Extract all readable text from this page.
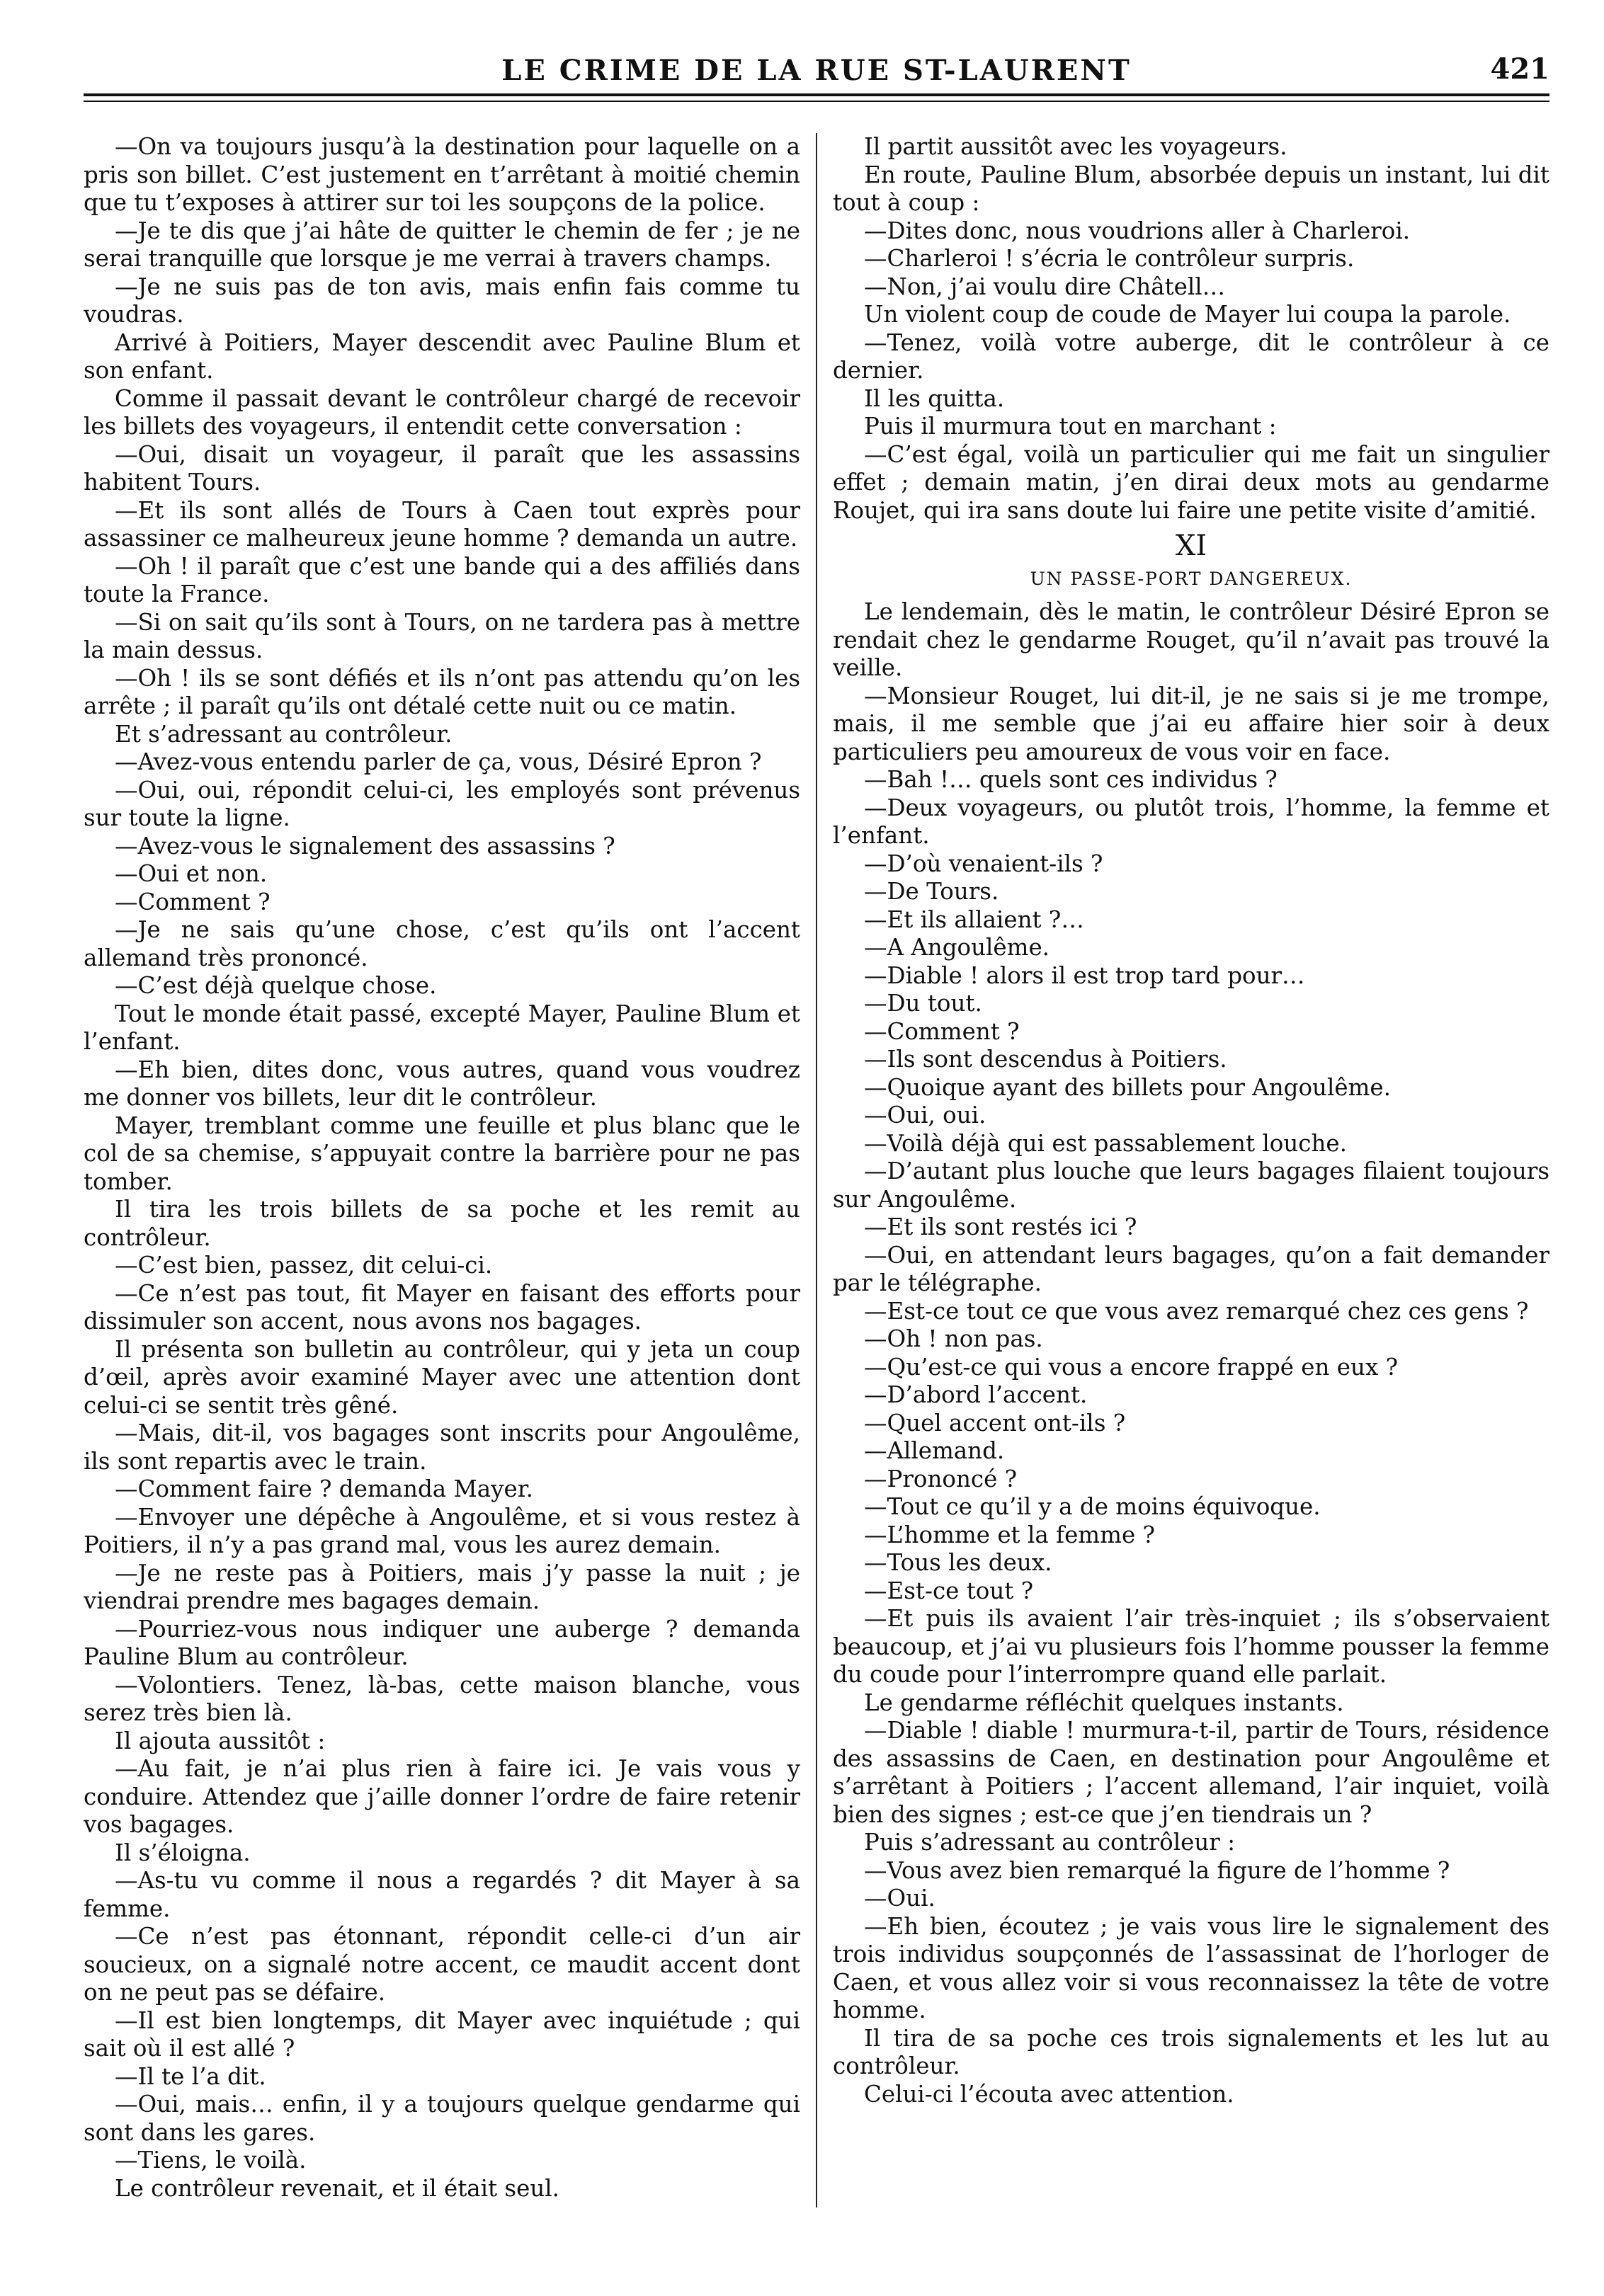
LE CRIME DE LA RUE ST-LAURENT	421

—On va toujours jusqu’à la destination pour laquelle on a pris son billet. C’est justement en t’arrêtant à moitié chemin que tu t’exposes à attirer sur toi les soupçons de la police.

—Je te dis que j’ai hâte de quitter le chemin de fer ; je ne serai tranquille que lorsque je me verrai à travers champs.

—Je ne suis pas de ton avis, mais enfin fais comme tu voudras.

Arrivé à Poitiers, Mayer descendit avec Pauline Blum et son enfant.

Comme il passait devant le contrôleur chargé de recevoir les billets des voyageurs, il entendit cette conversation :

—Oui, disait un voyageur, il paraît que les assassins habitent Tours.

—Et ils sont allés de Tours à Caen tout exprès pour assassiner ce malheureux jeune homme ? demanda un autre.

—Oh ! il paraît que c’est une bande qui a des affiliés dans toute la France.

—Si on sait qu’ils sont à Tours, on ne tardera pas à mettre la main dessus.

—Oh ! ils se sont défiés et ils n’ont pas attendu qu’on les arrête ; il paraît qu’ils ont détalé cette nuit ou ce matin.

Et s’adressant au contrôleur.

—Avez-vous entendu parler de ça, vous, Désiré Epron ?

—Oui, oui, répondit celui-ci, les employés sont prévenus sur toute la ligne.

—Avez-vous le signalement des assassins ?

—Oui et non.

—Comment ?

—Je ne sais qu’une chose, c’est qu’ils ont l’accent allemand très prononcé.

—C’est déjà quelque chose.

Tout le monde était passé, excepté Mayer, Pauline Blum et l’enfant.

—Eh bien, dites donc, vous autres, quand vous voudrez me donner vos billets, leur dit le contrôleur.

Mayer, tremblant comme une feuille et plus blanc que le col de sa chemise, s’appuyait contre la barrière pour ne pas tomber.

Il tira les trois billets de sa poche et les remit au contrôleur.

—C’est bien, passez, dit celui-ci.

—Ce n’est pas tout, fit Mayer en faisant des efforts pour dissimuler son accent, nous avons nos bagages.

Il présenta son bulletin au contrôleur, qui y jeta un coup d’œil, après avoir examiné Mayer avec une attention dont celui-ci se sentit très gêné.

—Mais, dit-il, vos bagages sont inscrits pour Angoulême, ils sont repartis avec le train.

—Comment faire ? demanda Mayer.

—Envoyer une dépêche à Angoulême, et si vous restez à Poitiers, il n’y a pas grand mal, vous les aurez demain.

—Je ne reste pas à Poitiers, mais j’y passe la nuit ; je viendrai prendre mes bagages demain.

—Pourriez-vous nous indiquer une auberge ? demanda Pauline Blum au contrôleur.

—Volontiers. Tenez, là-bas, cette maison blanche, vous serez très bien là.

Il ajouta aussitôt :

—Au fait, je n’ai plus rien à faire ici. Je vais vous y conduire. Attendez que j’aille donner l’ordre de faire retenir vos bagages.

Il s’éloigna.

—As-tu vu comme il nous a regardés ? dit Mayer à sa femme.

—Ce n’est pas étonnant, répondit celle-ci d’un air soucieux, on a signalé notre accent, ce maudit accent dont on ne peut pas se défaire.

—Il est bien longtemps, dit Mayer avec inquiétude ; qui sait où il est allé ?

—Il te l’a dit.

—Oui, mais… enfin, il y a toujours quelque gendarme qui sont dans les gares.

—Tiens, le voilà.

Le contrôleur revenait, et il était seul.

Il partit aussitôt avec les voyageurs.

En route, Pauline Blum, absorbée depuis un instant, lui dit tout à coup :

—Dites donc, nous voudrions aller à Charleroi.

—Charleroi ! s’écria le contrôleur surpris.

—Non, j’ai voulu dire Châtell…

Un violent coup de coude de Mayer lui coupa la parole.

—Tenez, voilà votre auberge, dit le contrôleur à ce dernier.

Il les quitta.

Puis il murmura tout en marchant :

—C’est égal, voilà un particulier qui me fait un singulier effet ; demain matin, j’en dirai deux mots au gendarme Roujet, qui ira sans doute lui faire une petite visite d’amitié.

XI
UN PASSE-PORT DANGEREUX.

Le lendemain, dès le matin, le contrôleur Désiré Epron se rendait chez le gendarme Rouget, qu’il n’avait pas trouvé la veille.

—Monsieur Rouget, lui dit-il, je ne sais si je me trompe, mais, il me semble que j’ai eu affaire hier soir à deux particuliers peu amoureux de vous voir en face.

—Bah !… quels sont ces individus ?

—Deux voyageurs, ou plutôt trois, l’homme, la femme et l’enfant.

—D’où venaient-ils ?

—De Tours.

—Et ils allaient ?…

—A Angoulême.

—Diable ! alors il est trop tard pour…

—Du tout.

—Comment ?

—Ils sont descendus à Poitiers.

—Quoique ayant des billets pour Angoulême.

—Oui, oui.

—Voilà déjà qui est passablement louche.

—D’autant plus louche que leurs bagages filaient toujours sur Angoulême.

—Et ils sont restés ici ?

—Oui, en attendant leurs bagages, qu’on a fait demander par le télégraphe.

—Est-ce tout ce que vous avez remarqué chez ces gens ?

—Oh ! non pas.

—Qu’est-ce qui vous a encore frappé en eux ?

—D’abord l’accent.

—Quel accent ont-ils ?

—Allemand.

—Prononcé ?

—Tout ce qu’il y a de moins équivoque.

—L’homme et la femme ?

—Tous les deux.

—Est-ce tout ?

—Et puis ils avaient l’air très-inquiet ; ils s’observaient beaucoup, et j’ai vu plusieurs fois l’homme pousser la femme du coude pour l’interrompre quand elle parlait.

Le gendarme réfléchit quelques instants.

—Diable ! diable ! murmura-t-il, partir de Tours, résidence des assassins de Caen, en destination pour Angoulême et s’arrêtant à Poitiers ; l’accent allemand, l’air inquiet, voilà bien des signes ; est-ce que j’en tiendrais un ?

Puis s’adressant au contrôleur :

—Vous avez bien remarqué la figure de l’homme ?

—Oui.

—Eh bien, écoutez ; je vais vous lire le signalement des trois individus soupçonnés de l’assassinat de l’horloger de Caen, et vous allez voir si vous reconnaissez la tête de votre homme.

Il tira de sa poche ces trois signalements et les lut au contrôleur.

Celui-ci l’écouta avec attention.
